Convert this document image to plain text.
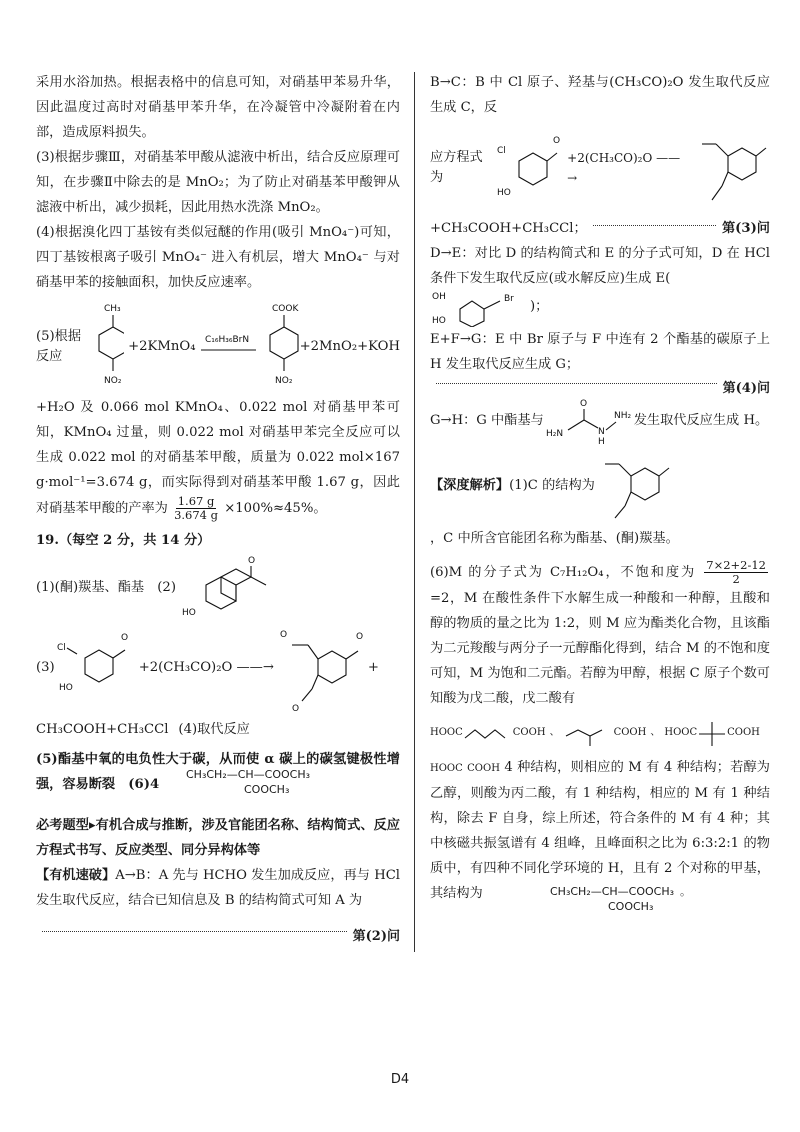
采用水浴加热。根据表格中的信息可知，对硝基甲苯易升华，因此温度过高时对硝基甲苯升华，在冷凝管中冷凝附着在内部，造成原料损失。

(3)根据步骤Ⅲ，对硝基苯甲酸从滤液中析出，结合反应原理可知，在步骤Ⅱ中除去的是 MnO₂；为了防止对硝基苯甲酸钾从滤液中析出，减少损耗，因此用热水洗涤 MnO₂。

(4)根据溴化四丁基铵有类似冠醚的作用(吸引 MnO₄⁻)可知，四丁基铵根离子吸引 MnO₄⁻ 进入有机层，增大 MnO₄⁻ 与对硝基甲苯的接触面积，加快反应速率。

(5)根据反应
CH₃
NO₂
+2KMnO₄ C₁₆H₃₆BrN
COOK
NO₂
+2MnO₂+KOH

+H₂O 及 0.066 mol KMnO₄、0.022 mol 对硝基甲苯可知，KMnO₄ 过量，则 0.022 mol 对硝基甲苯完全反应可以生成 0.022 mol 的对硝基苯甲酸，质量为 0.022 mol×167 g·mol⁻¹=3.674 g，而实际得到对硝基苯甲酸 1.67 g，因此对硝基苯甲酸的产率为 $\frac{1.67 g}{3.674 g} \times 100\%\approx 45\%$。

19.（每空 2 分，共 14 分）

(1)(酮)羰基、酯基　(2)
O
HO
(3)
Cl
O
HO
+2(CH₃CO)₂O ——→
O	O
O
+
CH₃COOH+CH₃CCl (4)取代反应

(5)酯基中氧的电负性大于碳，从而使 α 碳上的碳氢键极性增强，容易断裂　(6)4

CH₃CH₂—CH—COOCH₃
COOCH₃

必考题型▸有机合成与推断，涉及官能团名称、结构简式、反应方程式书写、反应类型、同分异构体等

【有机速破】A→B：A 先与 HCHO 发生加成反应，再与 HCl 发生取代反应，结合已知信息及 B 的结构简式可知 A 为

第(2)问

B→C：B 中 Cl 原子、羟基与(CH₃CO)₂O 发生取代反应生成 C，反

应方程式为
Cl
O
HO
+2(CH₃CO)₂O ——→
+CH₃COOH+CH₃CCl；	第(3)问

D→E：对比 D 的结构简式和 E 的分子式可知，D 在 HCl 条件下发生取代反应(或水解反应)生成 E(

OH	Br
HO
)；

E+F→G：E 中 Br 原子与 F 中连有 2 个酯基的碳原子上 H 发生取代反应生成 G；

第(4)问
G→H：G 中酯基与
O
H₂N	N
H
NH₂ 发生取代反应生成 H。
【深度解析】 (1)C 的结构为

，C 中所含官能团名称为酯基、(酮)羰基。

(6)M 的分子式为 C₇H₁₂O₄，不饱和度为 $\frac{7\times 2+2-12}{2}$
=2，M 在酸性条件下水解生成一种酸和一种醇，且酸和醇的物质的量之比为 1:2，则 M 应为酯类化合物，且该酯为二元羧酸与两分子一元醇酯化得到，结合 M 的不饱和度可知，M 为饱和二元酯。若醇为甲醇，根据 C 原子个数可知酸为戊二酸，戊二酸有

HOOC	COOH 、	COOH 、 HOOC	COOH

HOOC COOH 4 种结构，则相应的 M 有 4 种结构；若醇为乙醇，则酸为丙二酸，有 1 种结构，相应的 M 有 1 种结构，除去 F 自身，综上所述，符合条件的 M 有 4 种；其中核磁共振氢谱有 4 组峰，且峰面积之比为 6:3:2:1 的物质中，有四种不同化学环境的 H，且有 2 个对称的甲基，其结构为	CH₃CH₂—CH—COOCH₃ 。
COOCH₃
D4
